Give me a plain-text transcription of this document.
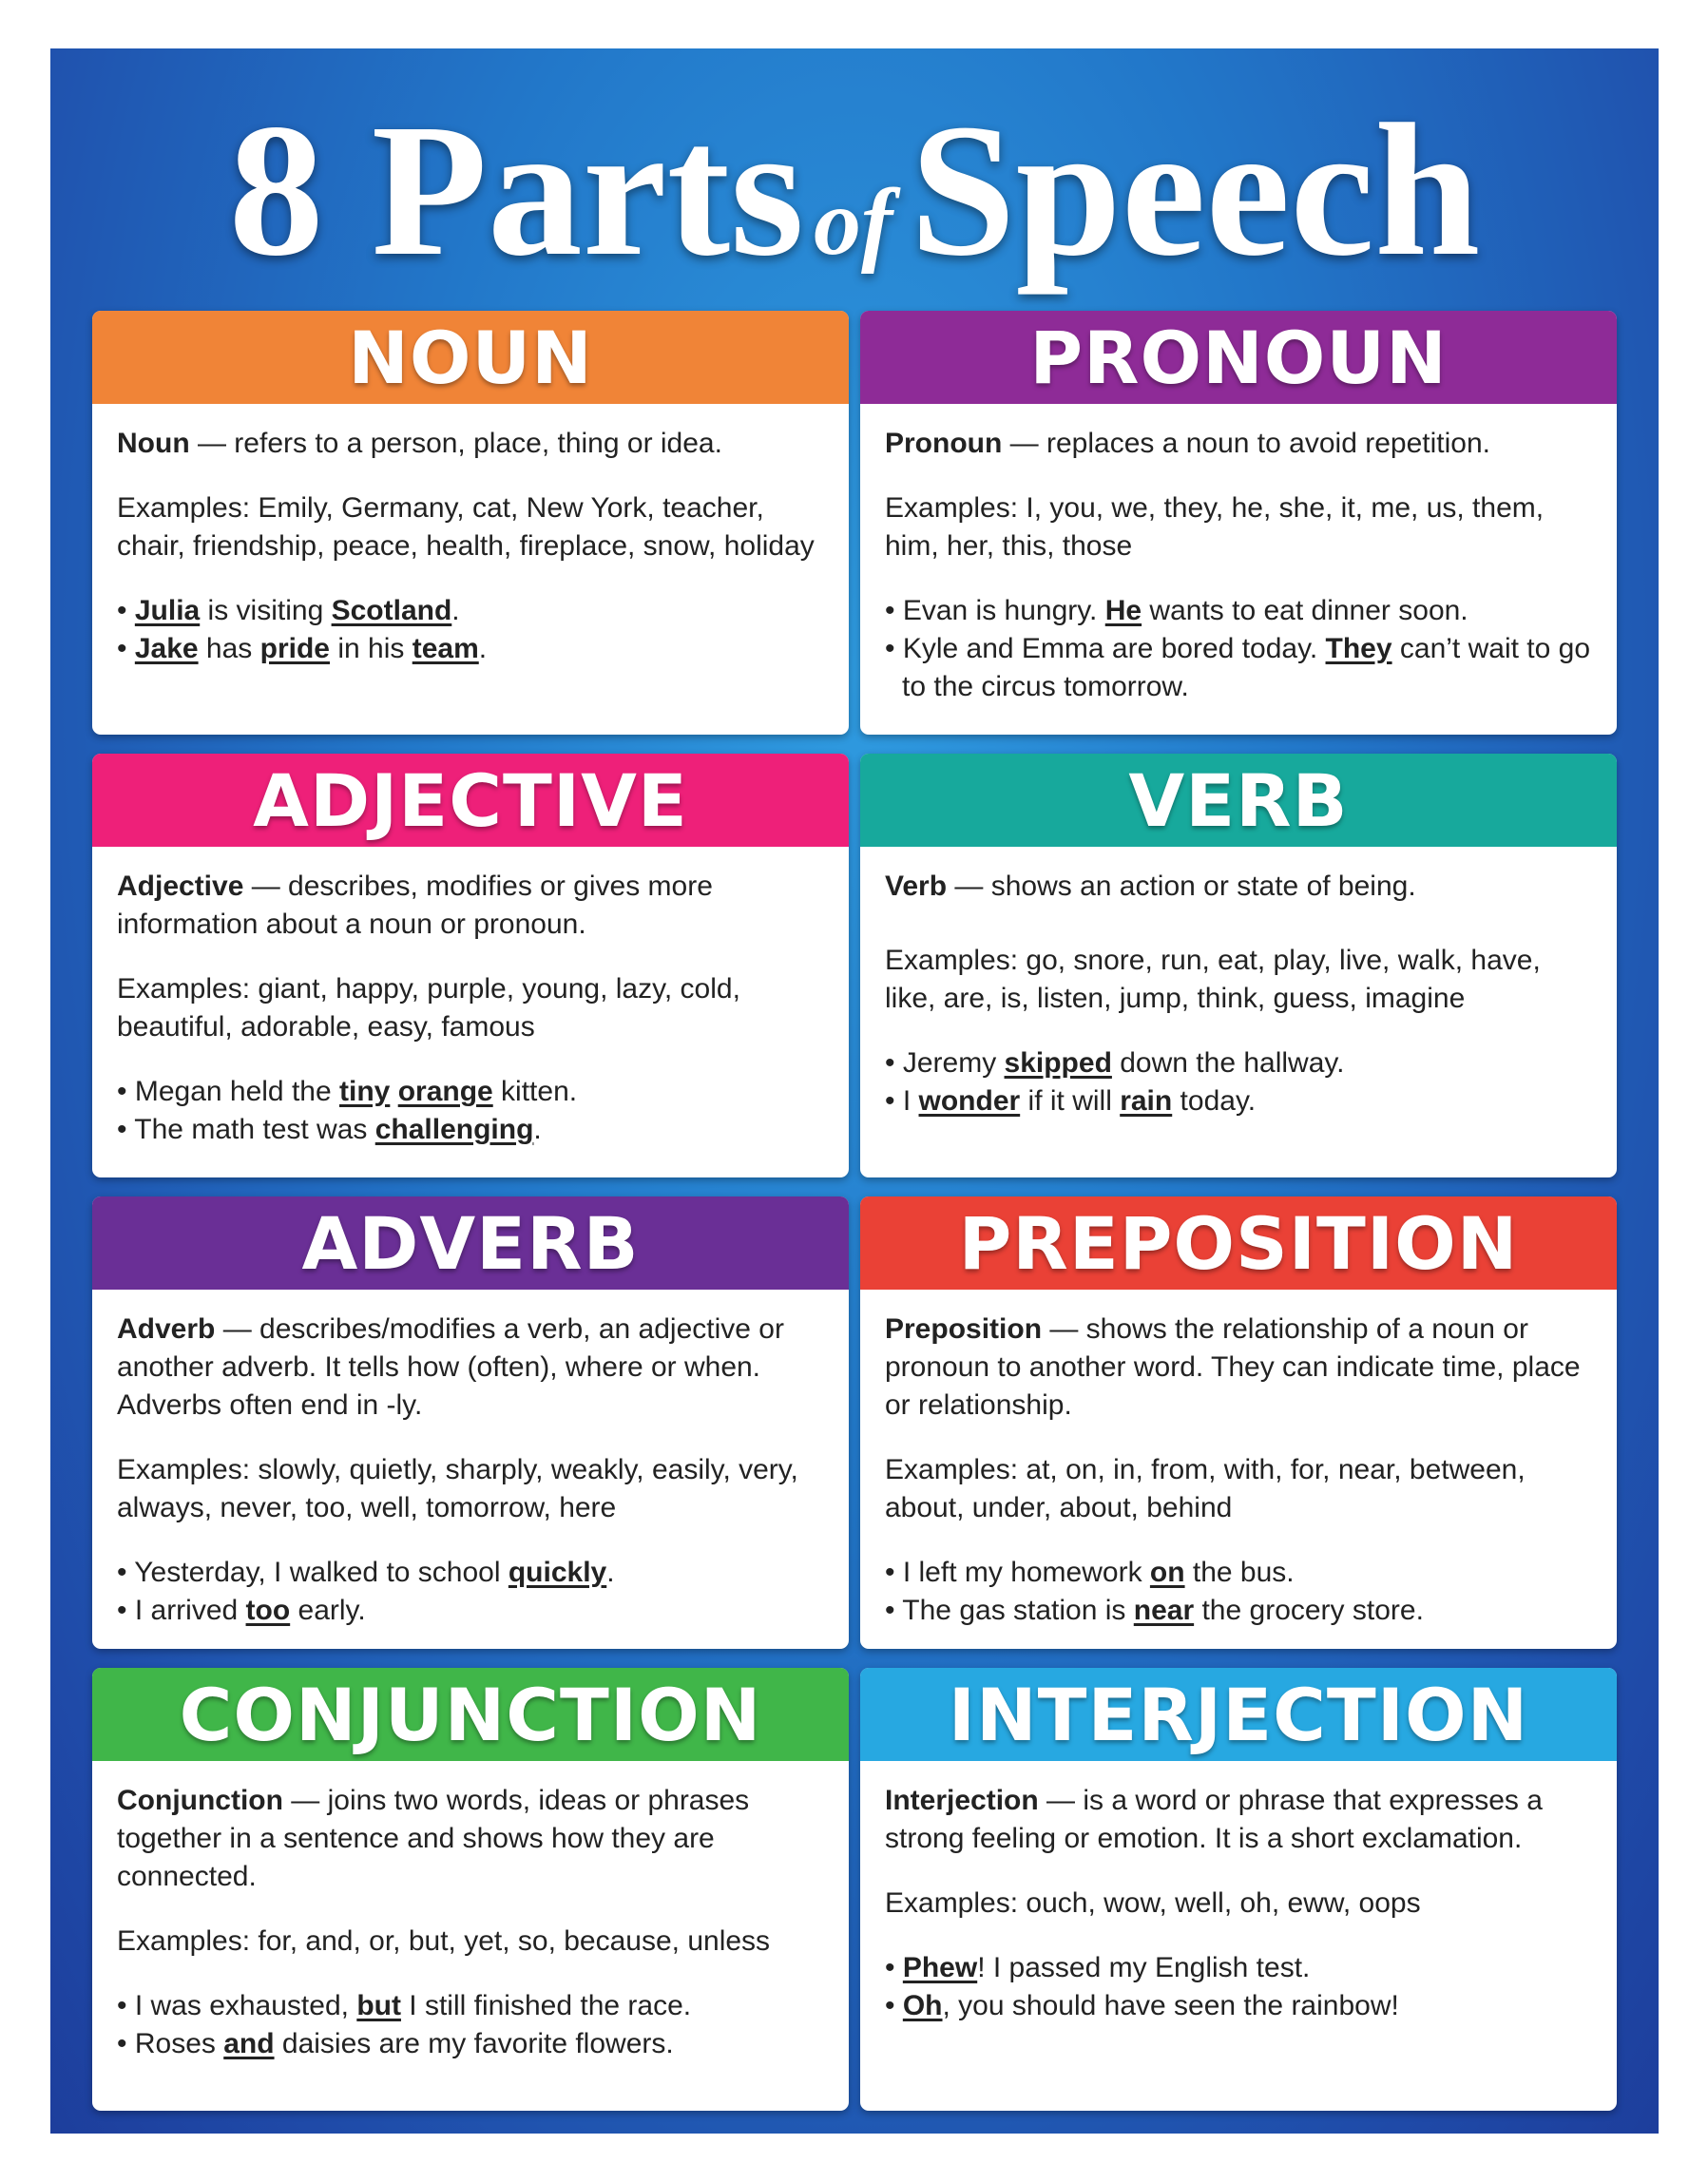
8 Parts ofSpeech
NOUN

Noun — refers to a person, place, thing or idea.

Examples: Emily, Germany, cat, New York, teacher, chair, friendship, peace, health, fireplace, snow, holiday
• Julia is visiting Scotland.
• Jake has pride in his team.
PRONOUN

Pronoun — replaces a noun to avoid repetition.

Examples: I, you, we, they, he, she, it, me, us, them, him, her, this, those
• Evan is hungry. He wants to eat dinner soon.
• Kyle and Emma are bored today. They can’t wait to go to the circus tomorrow.
ADJECTIVE

Adjective — describes, modifies or gives more information about a noun or pronoun.

Examples: giant, happy, purple, young, lazy, cold, beautiful, adorable, easy, famous
• Megan held the tiny orange kitten.
• The math test was challenging.
VERB

Verb — shows an action or state of being.

Examples: go, snore, run, eat, play, live, walk, have, like, are, is, listen, jump, think, guess, imagine
• Jeremy skipped down the hallway.
• I wonder if it will rain today.
ADVERB

Adverb — describes/modifies a verb, an adjective or another adverb. It tells how (often), where or when. Adverbs often end in -ly.

Examples: slowly, quietly, sharply, weakly, easily, very, always, never, too, well, tomorrow, here
• Yesterday, I walked to school quickly.
• I arrived too early.
PREPOSITION

Preposition — shows the relationship of a noun or pronoun to another word. They can indicate time, place or relationship.

Examples: at, on, in, from, with, for, near, between, about, under, about, behind
• I left my homework on the bus.
• The gas station is near the grocery store.
CONJUNCTION

Conjunction — joins two words, ideas or phrases together in a sentence and shows how they are connected.

Examples: for, and, or, but, yet, so, because, unless
• I was exhausted, but I still finished the race.
• Roses and daisies are my favorite flowers.
INTERJECTION

Interjection — is a word or phrase that expresses a strong feeling or emotion. It is a short exclamation.

Examples: ouch, wow, well, oh, eww, oops
• Phew! I passed my English test.
• Oh, you should have seen the rainbow!
© 2020 ZoCo® / zocoproducts.com
